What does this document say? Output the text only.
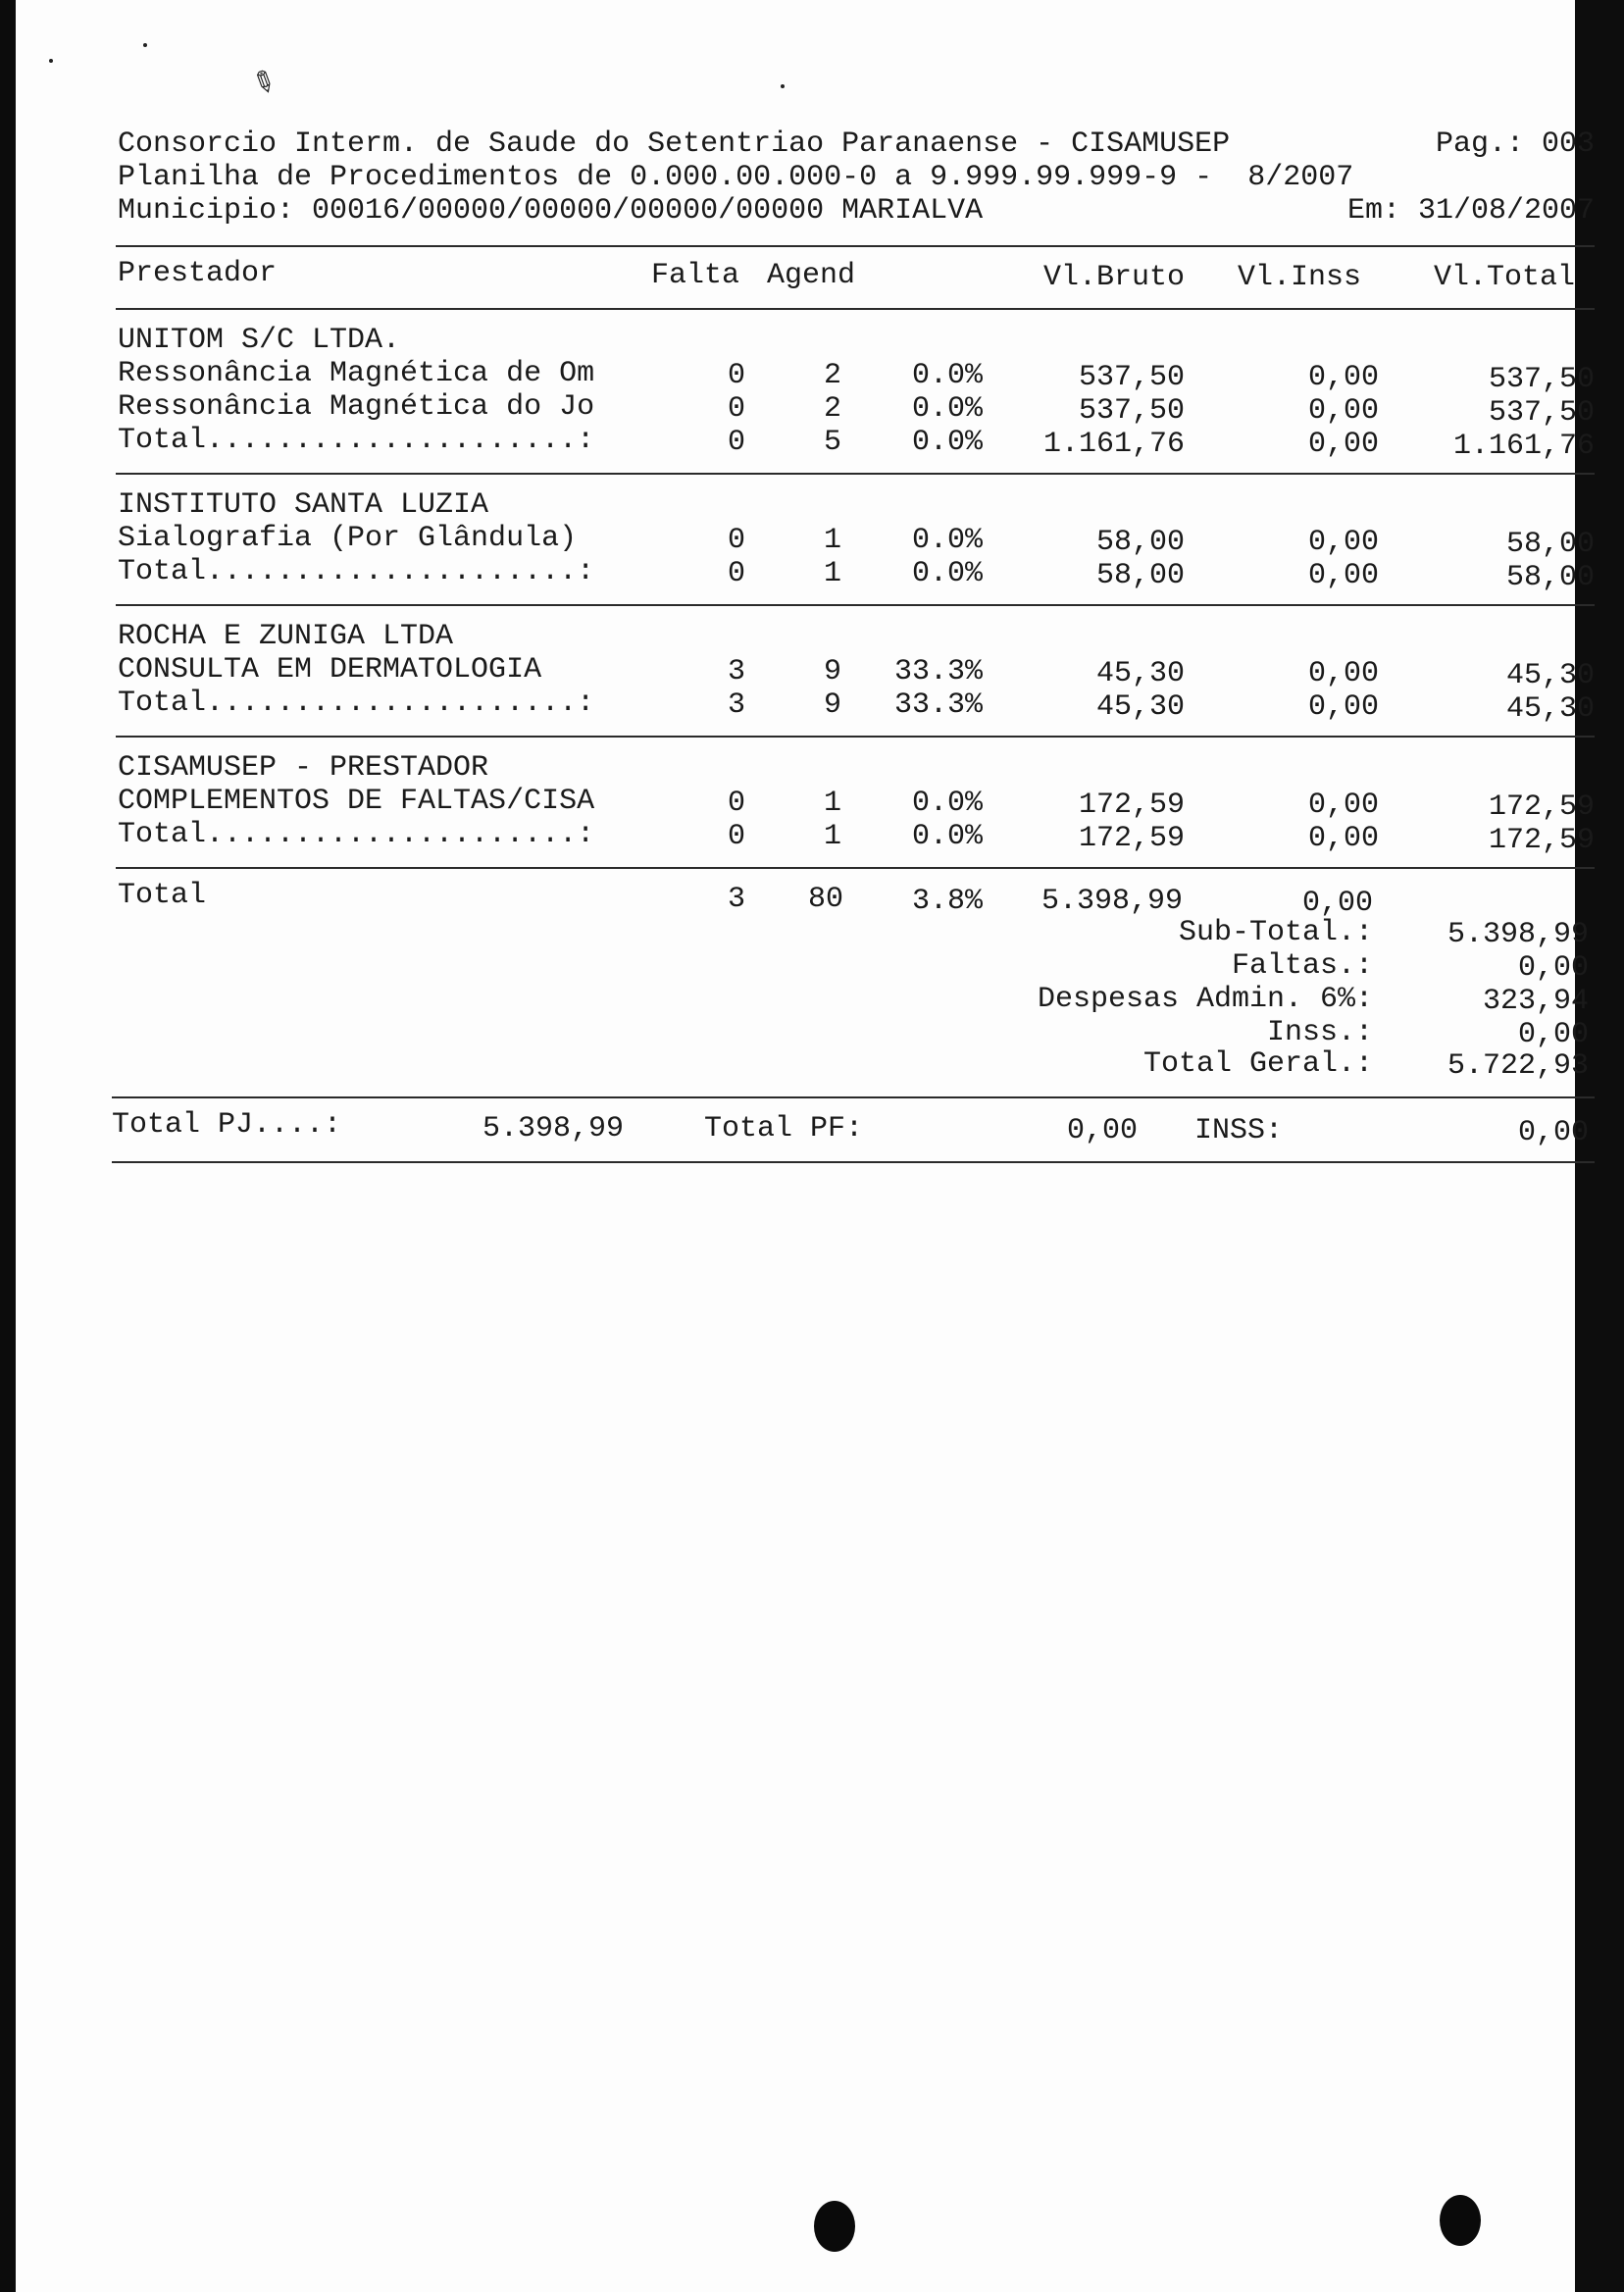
✎
Consorcio Interm. de Saude do Setentriao Paranaense - CISAMUSEP	Pag.: 003
Planilha de Procedimentos de 0.000.00.000-0 a 9.999.99.999-9 -  8/2007
Municipio: 00016/00000/00000/00000/00000 MARIALVA	Em: 31/08/2007
Prestador	Falta Agend	Vl.Bruto	Vl.Inss	Vl.Total
UNITOM S/C LTDA.
Ressonância Magnética de Om	0	2	0.0%	537,50	0,00	537,50
Ressonância Magnética do Jo	0	2	0.0%	537,50	0,00	537,50
Total.....................:	0	5	0.0%	1.161,76	0,00	1.161,76
INSTITUTO SANTA LUZIA
Sialografia (Por Glândula)	0	1	0.0%	58,00	0,00	58,00
Total.....................:	0	1	0.0%	58,00	0,00	58,00
ROCHA E ZUNIGA LTDA
CONSULTA EM DERMATOLOGIA	3	9	33.3%	45,30	0,00	45,30
Total.....................:	3	9	33.3%	45,30	0,00	45,30
CISAMUSEP - PRESTADOR
COMPLEMENTOS DE FALTAS/CISA	0	1	0.0%	172,59	0,00	172,59
Total.....................:	0	1	0.0%	172,59	0,00	172,59
Total	3 80	3.8%	5.398,99	0,00
Sub-Total.:	5.398,99
Faltas.:	0,00
Despesas Admin. 6%:	323,94
Inss.:	0,00
Total Geral.:	5.722,93
Total PJ....:	5.398,99	Total PF:	0,00 INSS:	0,00
